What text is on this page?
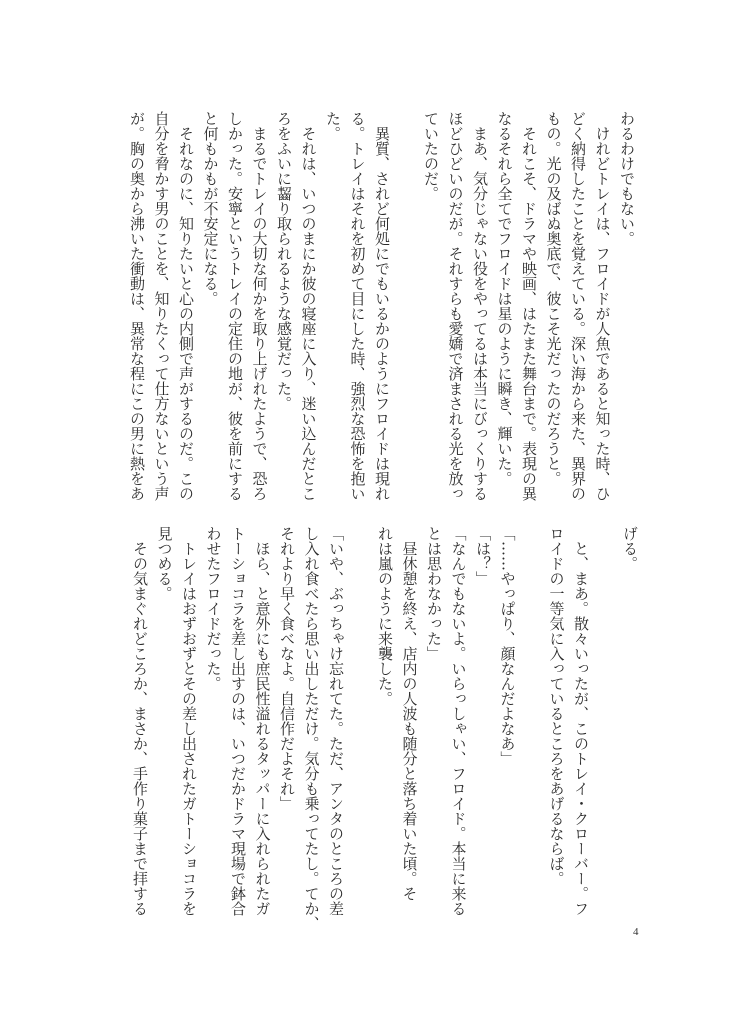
わるわけでもない。
けれどトレイは、フロイドが人魚であると知った時、ひ
どく納得したことを覚えている。深い海から来た、異界の
もの。光の及ばぬ奥底で、彼こそ光だったのだろうと。
それこそ、ドラマや映画、はたまた舞台まで。表現の異
なるそれら全てでフロイドは星のように瞬き、輝いた。
まあ、気分じゃない役をやってるは本当にびっくりする
ほどひどいのだが。それすらも愛嬌で済まされる光を放っ
ていたのだ。
異質、されど何処にでもいるかのようにフロイドは現れ
る。トレイはそれを初めて目にした時、強烈な恐怖を抱い
た。
それは、いつのまにか彼の寝座に入り、迷い込んだとこ
ろをふいに齧り取られるような感覚だった。
まるでトレイの大切な何かを取り上げれたようで、恐ろ
しかった。安寧というトレイの定住の地が、彼を前にする
と何もかもが不安定になる。
それなのに、知りたいと心の内側で声がするのだ。この
自分を脅かす男のことを、知りたくって仕方ないという声
が。胸の奥から沸いた衝動は、異常な程にこの男に熱をあ
げる。
と、まあ。散々いったが、このトレイ・クローバー。フ
ロイドの一等気に入っているところをあげるならば。
「……やっぱり、顔なんだよなあ」
「は？」
「なんでもないよ。いらっしゃい、フロイド。本当に来る
とは思わなかった」
昼休憩を終え、店内の人波も随分と落ち着いた頃。そ
れは嵐のように来襲した。
「いや、ぶっちゃけ忘れてた。ただ、アンタのところの差
し入れ食べたら思い出しただけ。気分も乗ってたし。てか、
それより早く食べなよ。自信作だよそれ」
ほら、と意外にも庶民性溢れるタッパーに入れられたガ
トーショコラを差し出すのは、いつだかドラマ現場で鉢合
わせたフロイドだった。
トレイはおずおずとその差し出されたガトーショコラを
見つめる。
その気まぐれどころか、まさか、手作り菓子まで拝する
4
